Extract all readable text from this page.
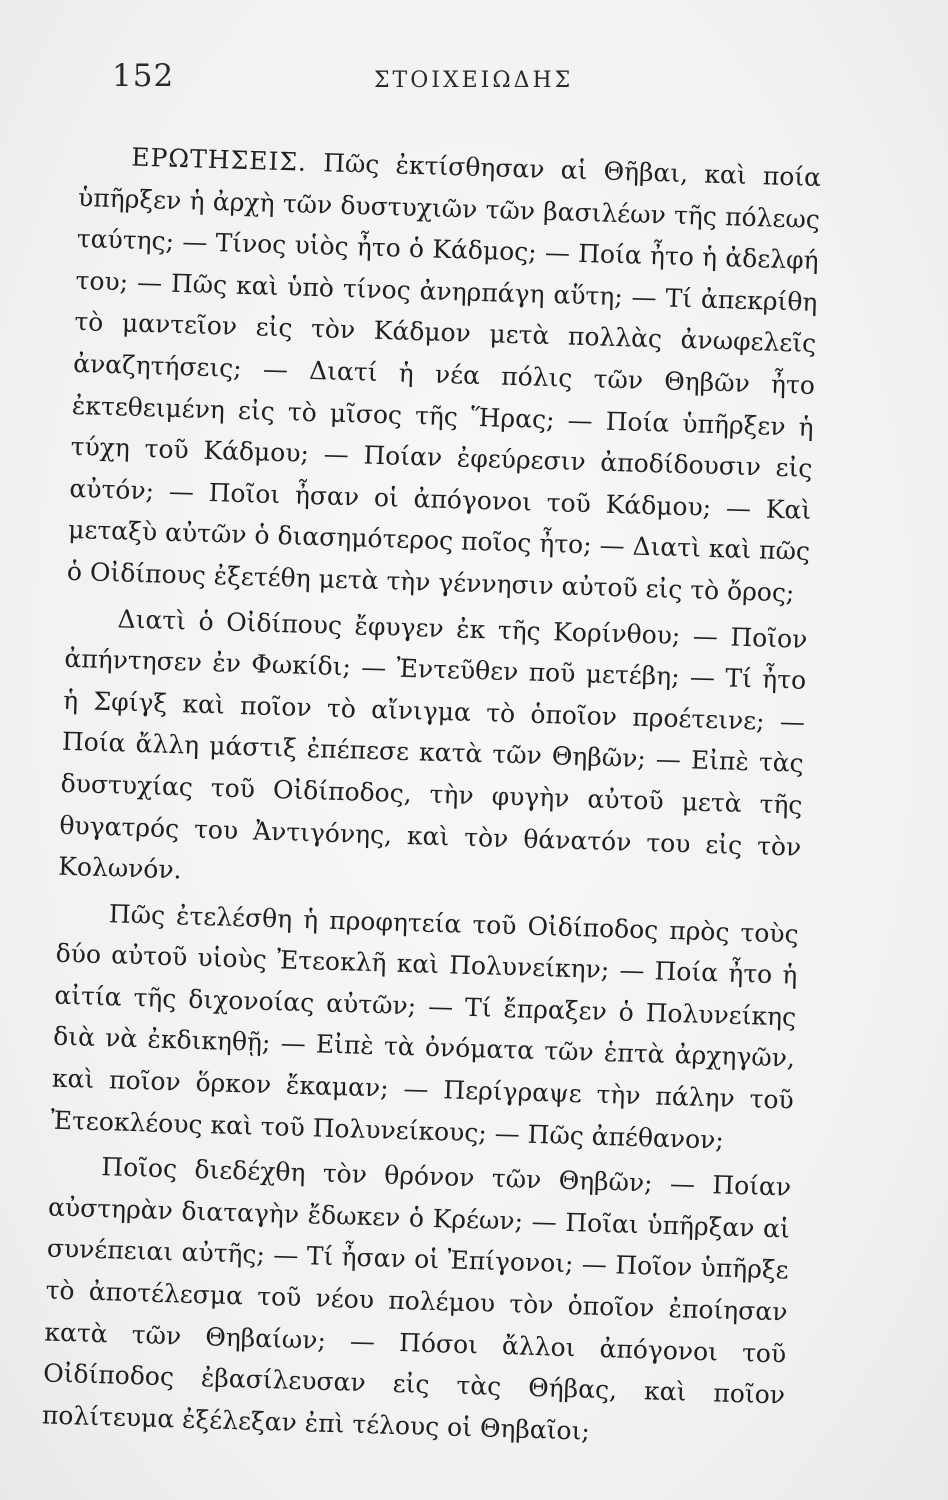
152	ΣΤΟΙΧΕΙΩΔΗΣ

ΕΡΩΤΗΣΕΙΣ. Πῶς ἐκτίσθησαν αἱ Θῆβαι, καὶ ποία ὑπῆρξεν ἡ ἀρχὴ τῶν δυστυχιῶν τῶν βασιλέων τῆς πόλεως ταύτης; — Τίνος υἱὸς ἦτο ὁ Κάδμος; — Ποία ἦτο ἡ ἀδελφή του; — Πῶς καὶ ὑπὸ τίνος ἀνηρπάγη αὕτη; — Τί ἀπεκρίθη τὸ μαντεῖον εἰς τὸν Κάδμον μετὰ πολλὰς ἀνωφελεῖς ἀναζητήσεις; — Διατί ἡ νέα πόλις τῶν Θηβῶν ἦτο ἐκτεθειμένη εἰς τὸ μῖσος τῆς Ἥρας; — Ποία ὑπῆρξεν ἡ τύχη τοῦ Κάδμου; — Ποίαν ἐφεύρεσιν ἀποδίδουσιν εἰς αὐτόν; — Ποῖοι ἦσαν οἱ ἀπόγονοι τοῦ Κάδμου; — Καὶ μεταξὺ αὐτῶν ὁ διασημότερος ποῖος ἦτο; — Διατὶ καὶ πῶς ὁ Οἰδίπους ἐξετέθη μετὰ τὴν γέννησιν αὐτοῦ εἰς τὸ ὄρος;

Διατὶ ὁ Οἰδίπους ἔφυγεν ἐκ τῆς Κορίνθου; — Ποῖον ἀπήντησεν ἐν Φωκίδι; — Ἐντεῦθεν ποῦ μετέβη; — Τί ἦτο ἡ Σφίγξ καὶ ποῖον τὸ αἴνιγμα τὸ ὁποῖον προέτεινε; — Ποία ἄλλη μάστιξ ἐπέπεσε κατὰ τῶν Θηβῶν; — Εἰπὲ τὰς δυστυχίας τοῦ Οἰδίποδος, τὴν φυγὴν αὐτοῦ μετὰ τῆς θυγατρός του Ἀντιγόνης, καὶ τὸν θάνατόν του εἰς τὸν Κολωνόν.

Πῶς ἐτελέσθη ἡ προφητεία τοῦ Οἰδίποδος πρὸς τοὺς δύο αὐτοῦ υἱοὺς Ἐτεοκλῆ καὶ Πολυνείκην; — Ποία ἦτο ἡ αἰτία τῆς διχονοίας αὐτῶν; — Τί ἔπραξεν ὁ Πολυνείκης διὰ νὰ ἐκδικηθῇ; — Εἰπὲ τὰ ὀνόματα τῶν ἑπτὰ ἀρχηγῶν, καὶ ποῖον ὅρκον ἔκαμαν; — Περίγραψε τὴν πάλην τοῦ Ἐτεοκλέους καὶ τοῦ Πολυνείκους; — Πῶς ἀπέθανον;

Ποῖος διεδέχθη τὸν θρόνον τῶν Θηβῶν; — Ποίαν αὐστηρὰν διαταγὴν ἔδωκεν ὁ Κρέων; — Ποῖαι ὑπῆρξαν αἱ συνέπειαι αὐτῆς; — Τί ἦσαν οἱ Ἐπίγονοι; — Ποῖον ὑπῆρξε τὸ ἀποτέλεσμα τοῦ νέου πολέμου τὸν ὁποῖον ἐποίησαν κατὰ τῶν Θηβαίων; — Πόσοι ἄλλοι ἀπόγονοι τοῦ Οἰδίποδος ἐβασίλευσαν εἰς τὰς Θήβας, καὶ ποῖον πολίτευμα ἐξέλεξαν ἐπὶ τέλους οἱ Θηβαῖοι;
